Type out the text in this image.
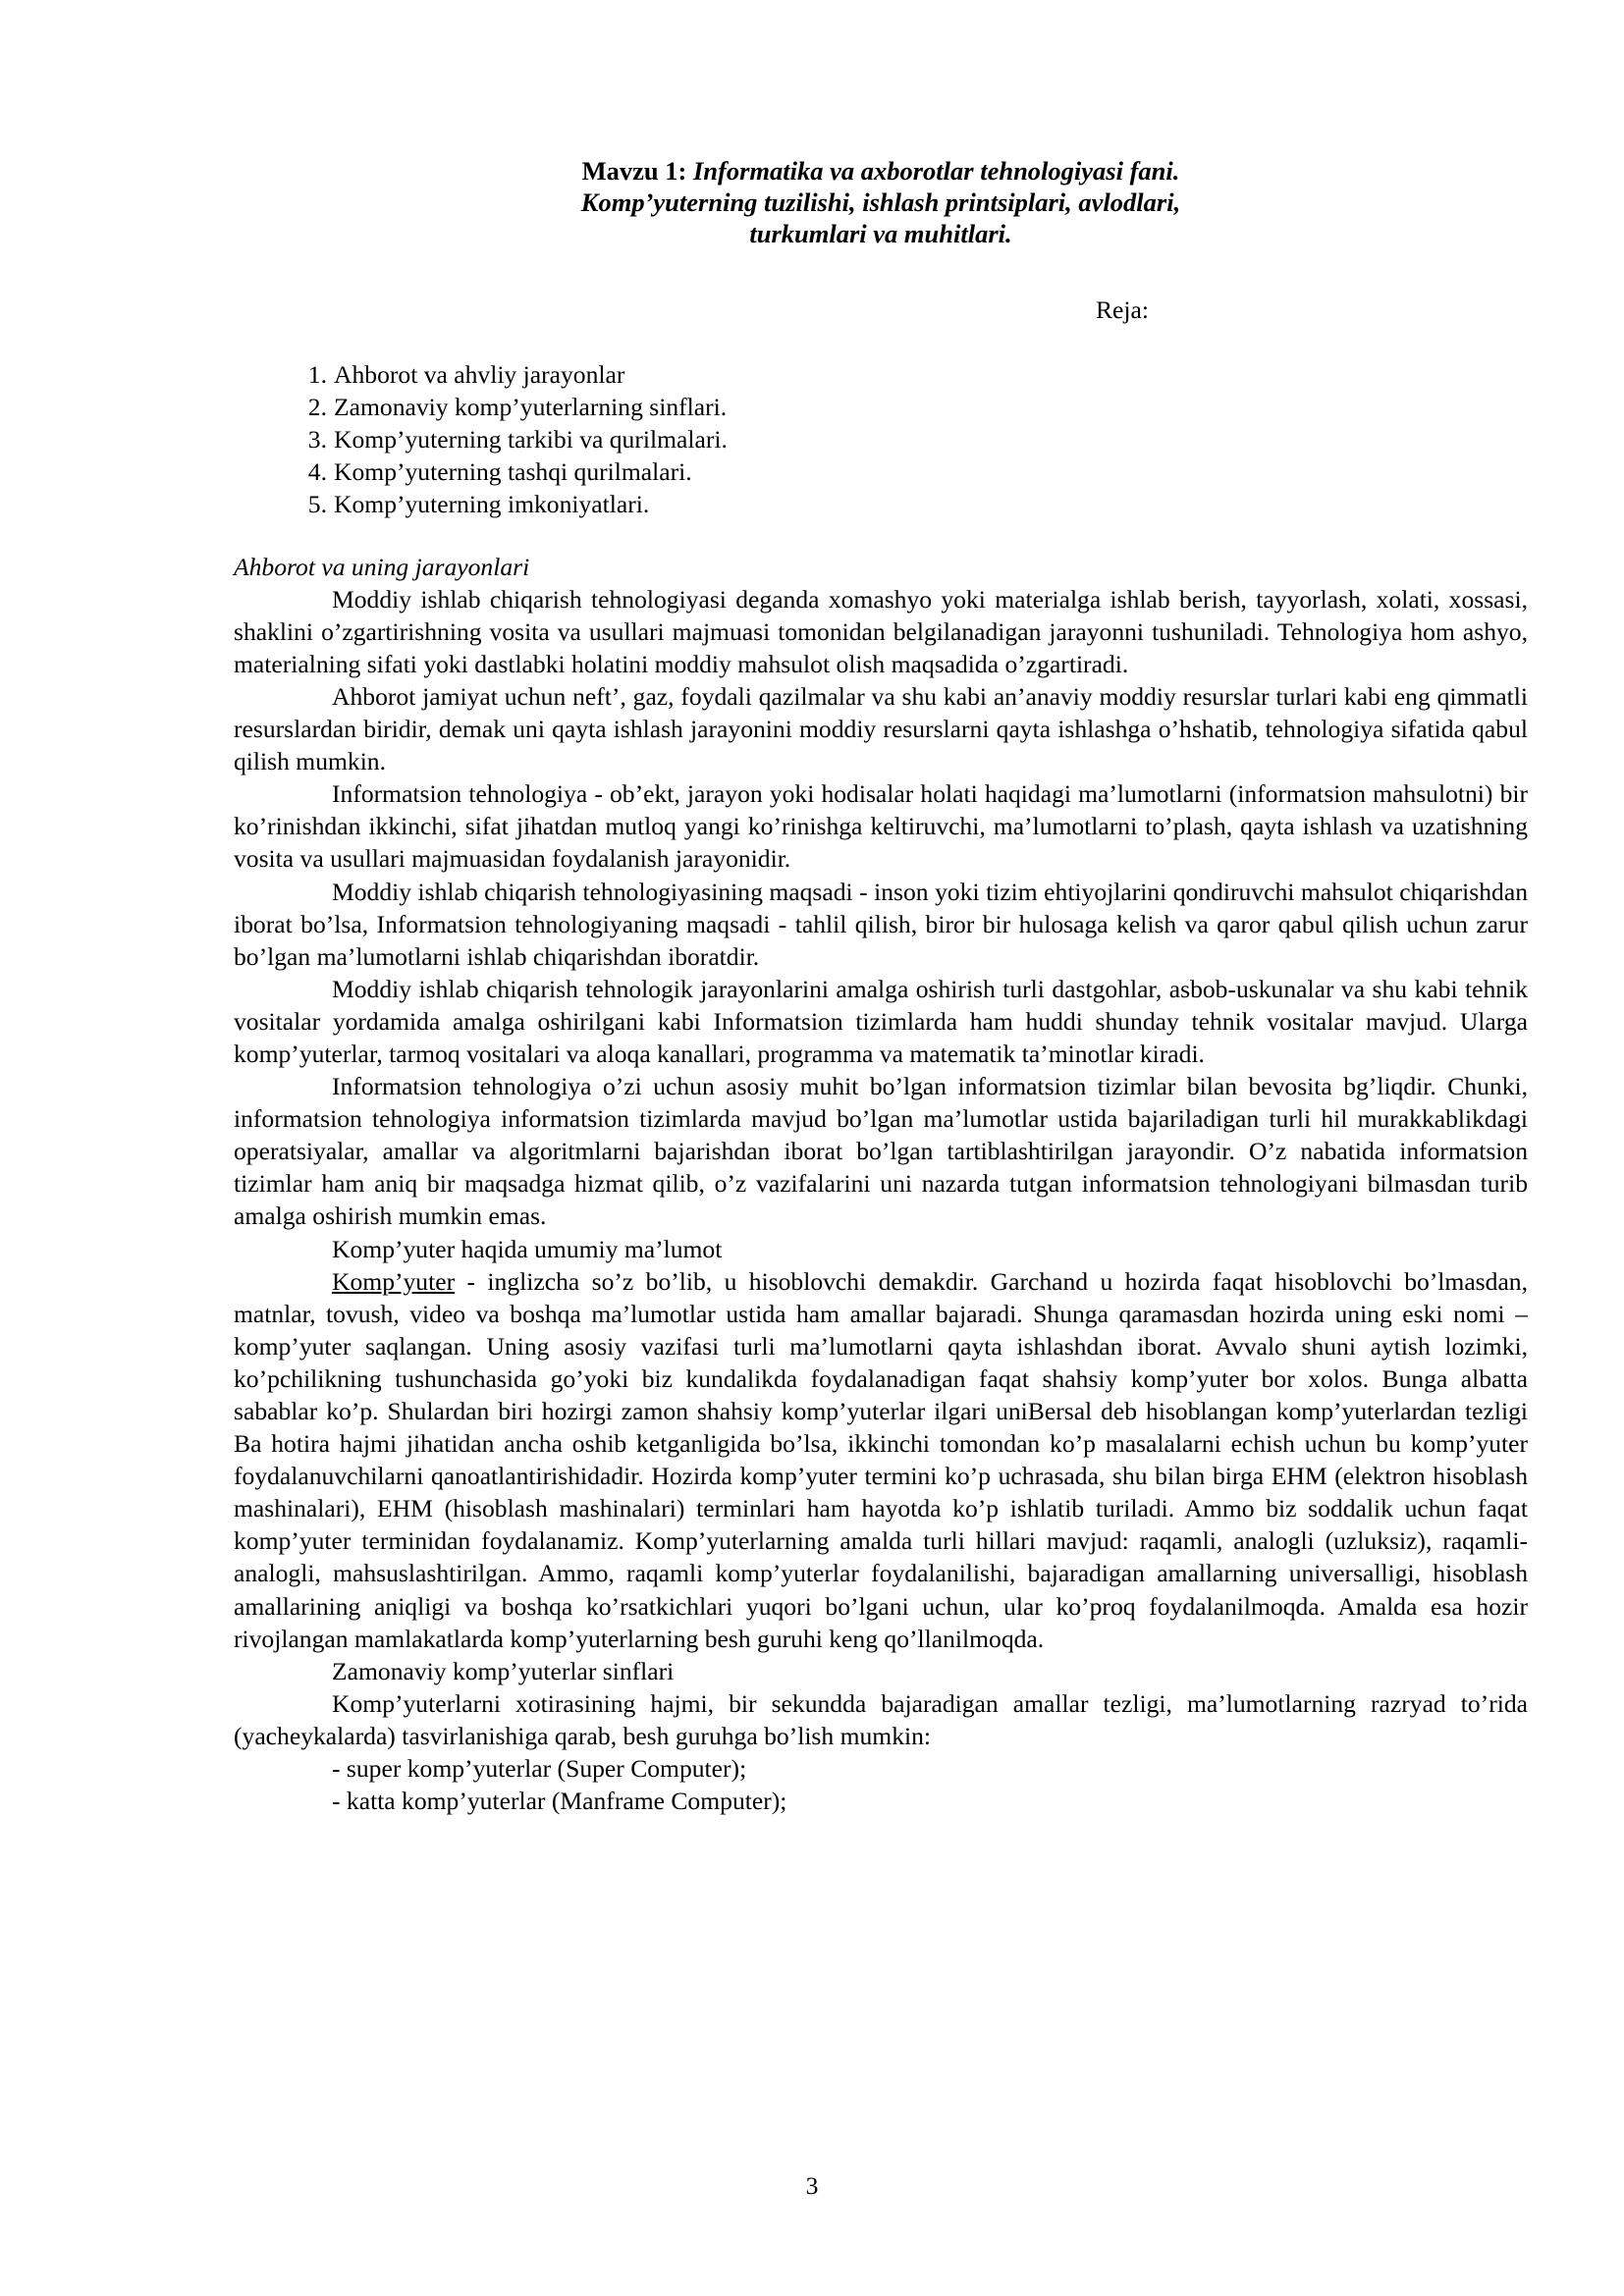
Mavzu 1: Informatika va axborotlar tehnologiyasi fani.
Komp’yuterning tuzilishi, ishlash printsiplari, avlodlari,
turkumlari va muhitlari.
Reja:
1. Ahborot va ahvliy jarayonlar
2. Zamonaviy komp’yuterlarning sinflari.
3. Komp’yuterning tarkibi va qurilmalari.
4. Komp’yuterning tashqi qurilmalari.
5. Komp’yuterning imkoniyatlari.
Ahborot va uning jarayonlari

Moddiy ishlab chiqarish tehnologiyasi deganda xomashyo yoki materialga ishlab berish, tayyorlash, xolati, xossasi, shaklini o’zgartirishning vosita va usullari majmuasi tomonidan belgilanadigan jarayonni tushuniladi. Tehnologiya hom ashyo, materialning sifati yoki dastlabki holatini moddiy mahsulot olish maqsadida o’zgartiradi.

Ahborot jamiyat uchun neft’, gaz, foydali qazilmalar va shu kabi an’anaviy moddiy resurslar turlari kabi eng qimmatli resurslardan biridir, demak uni qayta ishlash jarayonini moddiy resurslarni qayta ishlashga o’hshatib, tehnologiya sifatida qabul qilish mumkin.

Informatsion tehnologiya - ob’ekt, jarayon yoki hodisalar holati haqidagi ma’lumotlarni (informatsion mahsulotni) bir ko’rinishdan ikkinchi, sifat jihatdan mutloq yangi ko’rinishga keltiruvchi, ma’lumotlarni to’plash, qayta ishlash va uzatishning vosita va usullari majmuasidan foydalanish jarayonidir.

Moddiy ishlab chiqarish tehnologiyasining maqsadi - inson yoki tizim ehtiyojlarini qondiruvchi mahsulot chiqarishdan iborat bo’lsa, Informatsion tehnologiyaning maqsadi - tahlil qilish, biror bir hulosaga kelish va qaror qabul qilish uchun zarur bo’lgan ma’lumotlarni ishlab chiqarishdan iboratdir.

Moddiy ishlab chiqarish tehnologik jarayonlarini amalga oshirish turli dastgohlar, asbob-uskunalar va shu kabi tehnik vositalar yordamida amalga oshirilgani kabi Informatsion tizimlarda ham huddi shunday tehnik vositalar mavjud. Ularga komp’yuterlar, tarmoq vositalari va aloqa kanallari, programma va matematik ta’minotlar kiradi.

Informatsion tehnologiya o’zi uchun asosiy muhit bo’lgan informatsion tizimlar bilan bevosita bg’liqdir. Chunki, informatsion tehnologiya informatsion tizimlarda mavjud bo’lgan ma’lumotlar ustida bajariladigan turli hil murakkablikdagi operatsiyalar, amallar va algoritmlarni bajarishdan iborat bo’lgan tartiblashtirilgan jarayondir. O’z nabatida informatsion tizimlar ham aniq bir maqsadga hizmat qilib, o’z vazifalarini uni nazarda tutgan informatsion tehnologiyani bilmasdan turib amalga oshirish mumkin emas.

Komp’yuter haqida umumiy ma’lumot

Komp’yuter - inglizcha so’z bo’lib, u hisoblovchi demakdir. Garchand u hozirda faqat hisoblovchi bo’lmasdan, matnlar, tovush, video va boshqa ma’lumotlar ustida ham amallar bajaradi. Shunga qaramasdan hozirda uning eski nomi – komp’yuter saqlangan. Uning asosiy vazifasi turli ma’lumotlarni qayta ishlashdan iborat. Avvalo shuni aytish lozimki, ko’pchilikning tushunchasida go’yoki biz kundalikda foydalanadigan faqat shahsiy komp’yuter bor xolos. Bunga albatta sabablar ko’p. Shulardan biri hozirgi zamon shahsiy komp’yuterlar ilgari uniBersal deb hisoblangan komp’yuterlardan tezligi Ba hotira hajmi jihatidan ancha oshib ketganligida bo’lsa, ikkinchi tomondan ko’p masalalarni echish uchun bu komp’yuter foydalanuvchilarni qanoatlantirishidadir. Hozirda komp’yuter termini ko’p uchrasada, shu bilan birga EHM (elektron hisoblash mashinalari), EHM (hisoblash mashinalari) terminlari ham hayotda ko’p ishlatib turiladi. Ammo biz soddalik uchun faqat komp’yuter terminidan foydalanamiz. Komp’yuterlarning amalda turli hillari mavjud: raqamli, analogli (uzluksiz), raqamli-analogli, mahsuslashtirilgan. Ammo, raqamli komp’yuterlar foydalanilishi, bajaradigan amallarning universalligi, hisoblash amallarining aniqligi va boshqa ko’rsatkichlari yuqori bo’lgani uchun, ular ko’proq foydalanilmoqda. Amalda esa hozir rivojlangan mamlakatlarda komp’yuterlarning besh guruhi keng qo’llanilmoqda.

Zamonaviy komp’yuterlar sinflari

Komp’yuterlarni xotirasining hajmi, bir sekundda bajaradigan amallar tezligi, ma’lumotlarning razryad to’rida (yacheykalarda) tasvirlanishiga qarab, besh guruhga bo’lish mumkin:

- super komp’yuterlar (Super Computer);

- katta komp’yuterlar (Manframe Computer);

3
